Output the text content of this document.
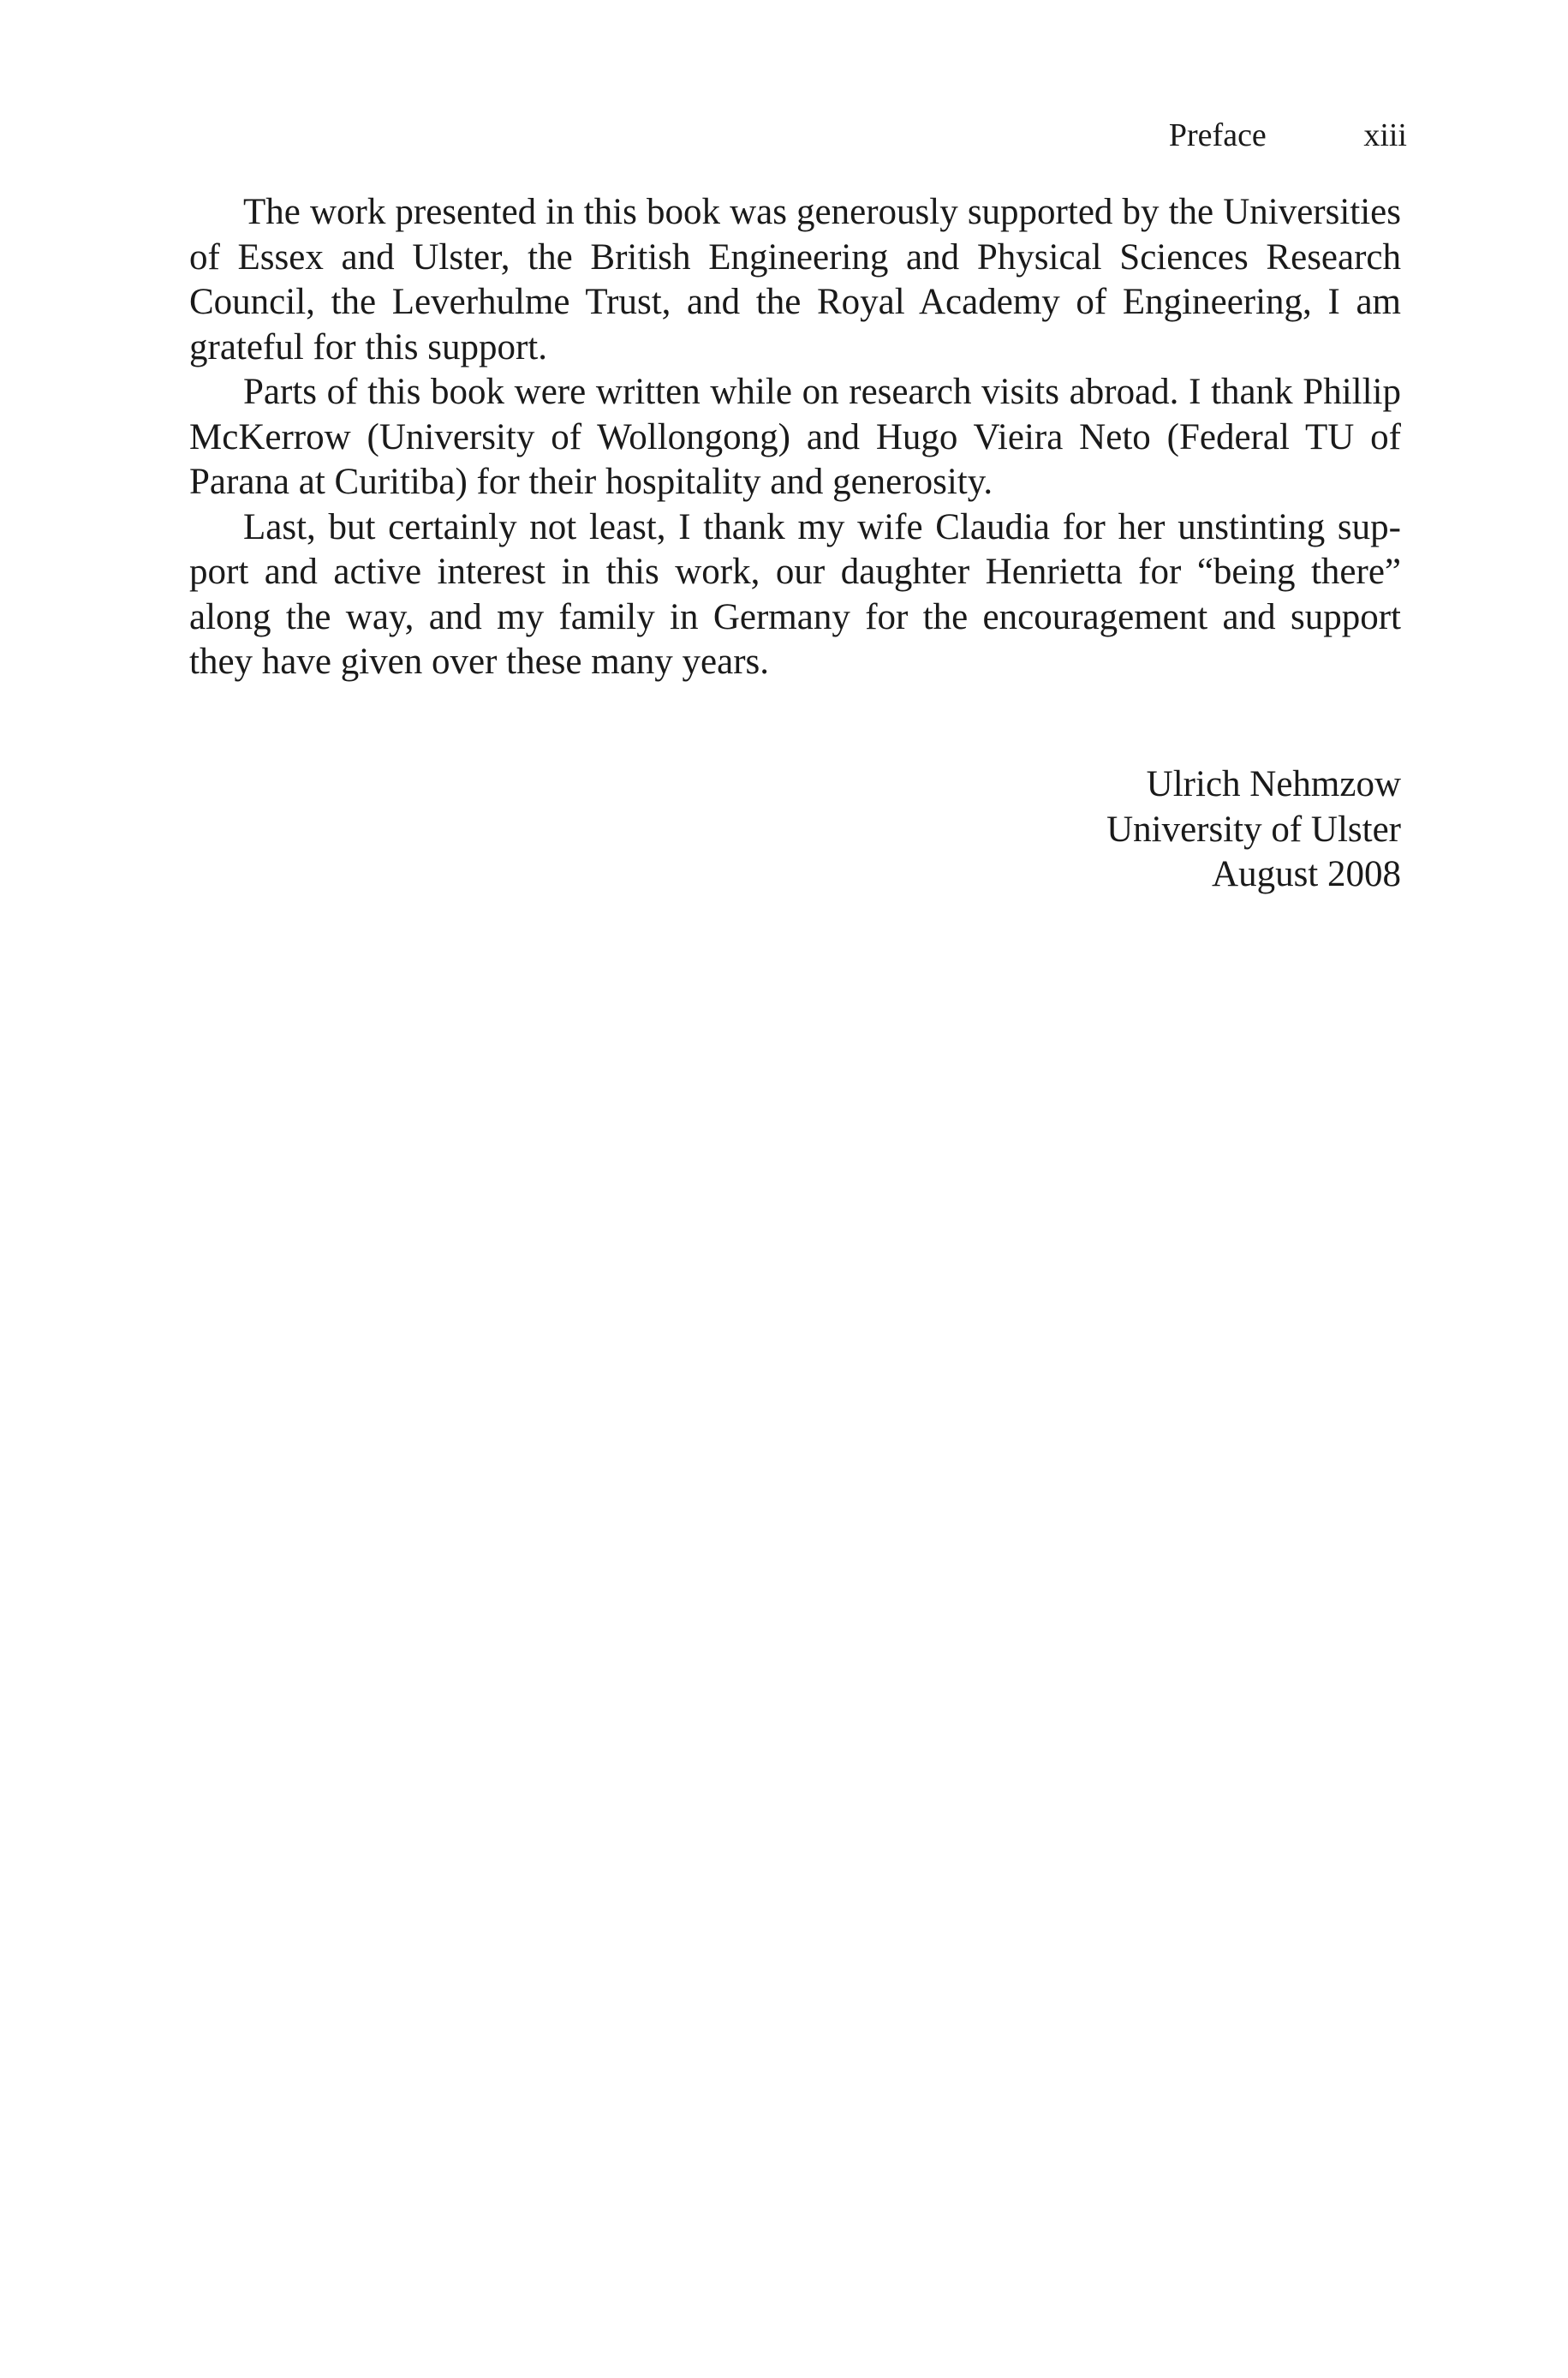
Preface	xiii

The work presented in this book was generously supported by the Universities of Essex and Ulster, the British Engineering and Physical Sciences Research Council, the Leverhulme Trust, and the Royal Academy of Engineering, I am grateful for this support.

Parts of this book were written while on research visits abroad. I thank Phillip McKerrow (University of Wollongong) and Hugo Vieira Neto (Federal TU of Parana at Curitiba) for their hospitality and generosity.

Last, but certainly not least, I thank my wife Claudia for her unstinting support and active interest in this work, our daughter Henrietta for “being there” along the way, and my family in Germany for the encouragement and support they have given over these many years.

Ulrich Nehmzow
University of Ulster
August 2008
